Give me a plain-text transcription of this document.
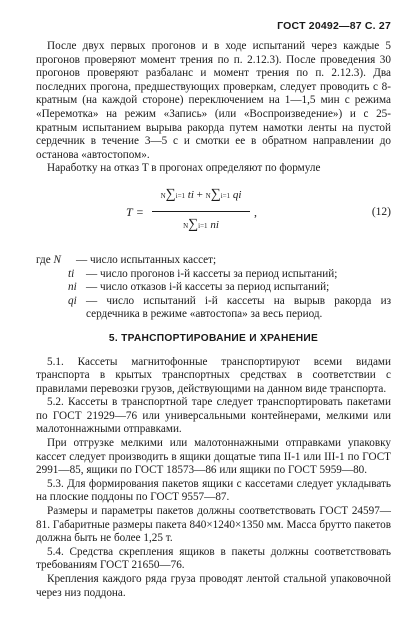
ГОСТ 20492—87 С. 27

После двух первых прогонов и в ходе испытаний через каждые 5 прогонов проверяют момент трения по п. 2.12.3). После проведения 30 прогонов проверяют разбаланс и момент трения по п. 2.12.3). Два последних прогона, предшествующих проверкам, следует проводить с 8-кратным (на каждой стороне) переключением на 1—1,5 мин с режима «Перемотка» на режим «Запись» (или «Воспроизведение») и с 25-кратным испытанием вырыва ракорда путем намотки ленты на пустой сердечник в течение 3—5 с и смотки ее в обратном направлении до останова «автостопом».

Наработку на отказ T в прогонах определяют по формуле

T =
N∑i=1 ti + N∑i=1 qi
N∑i=1 ni
,	(12)
где N — число испытанных кассет;
ti — число прогонов i-й кассеты за период испытаний;
ni — число отказов i-й кассеты за период испытаний;
qi — число испытаний i-й кассеты на вырыв ракорда из сердечника в режиме «автостопа» за весь период.
5. ТРАНСПОРТИРОВАНИЕ И ХРАНЕНИЕ

5.1. Кассеты магнитофонные транспортируют всеми видами транспорта в крытых транспортных средствах в соответствии с правилами перевозки грузов, действующими на данном виде транспорта.

5.2. Кассеты в транспортной таре следует транспортировать пакетами по ГОСТ 21929—76 или универсальными контейнерами, мелкими или малотоннажными отправками.

При отгрузке мелкими или малотоннажными отправками упаковку кассет следует производить в ящики дощатые типа II-1 или III-1 по ГОСТ 2991—85, ящики по ГОСТ 18573—86 или ящики по ГОСТ 5959—80.

5.3. Для формирования пакетов ящики с кассетами следует укладывать на плоские поддоны по ГОСТ 9557—87.

Размеры и параметры пакетов должны соответствовать ГОСТ 24597—81. Габаритные размеры пакета 840×1240×1350 мм. Масса брутто пакетов должна быть не более 1,25 т.

5.4. Средства скрепления ящиков в пакеты должны соответствовать требованиям ГОСТ 21650—76.

Крепления каждого ряда груза проводят лентой стальной упаковочной через низ поддона.
